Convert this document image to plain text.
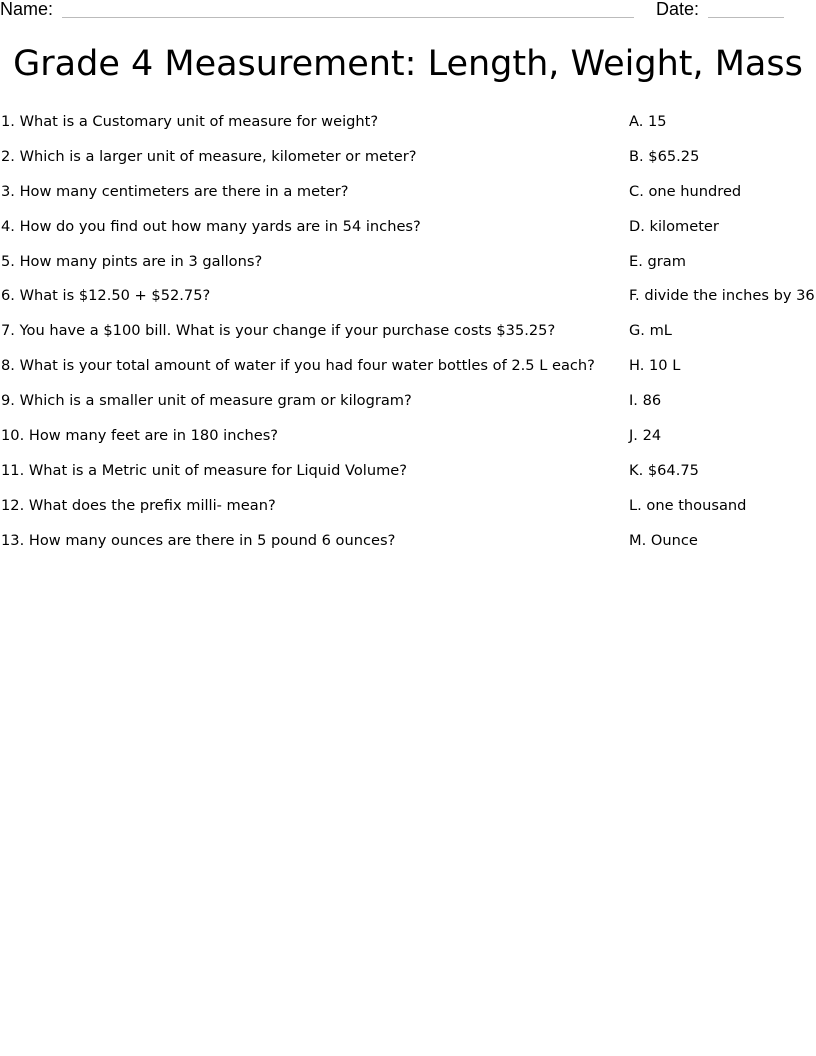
Name:	Date:
Grade 4 Measurement: Length, Weight, Mass
1. What is a Customary unit of measure for weight?
2. Which is a larger unit of measure, kilometer or meter?
3. How many centimeters are there in a meter?
4. How do you find out how many yards are in 54 inches?
5. How many pints are in 3 gallons?
6. What is $12.50 + $52.75?
7. You have a $100 bill. What is your change if your purchase costs $35.25?
8. What is your total amount of water if you had four water bottles of 2.5 L each?
9. Which is a smaller unit of measure gram or kilogram?
10. How many feet are in 180 inches?
11. What is a Metric unit of measure for Liquid Volume?
12. What does the prefix milli- mean?
13. How many ounces are there in 5 pound 6 ounces?
A. 15
B. $65.25
C. one hundred
D. kilometer
E. gram
F. divide the inches by 36
G. mL
H. 10 L
I. 86
J. 24
K. $64.75
L. one thousand
M. Ounce
